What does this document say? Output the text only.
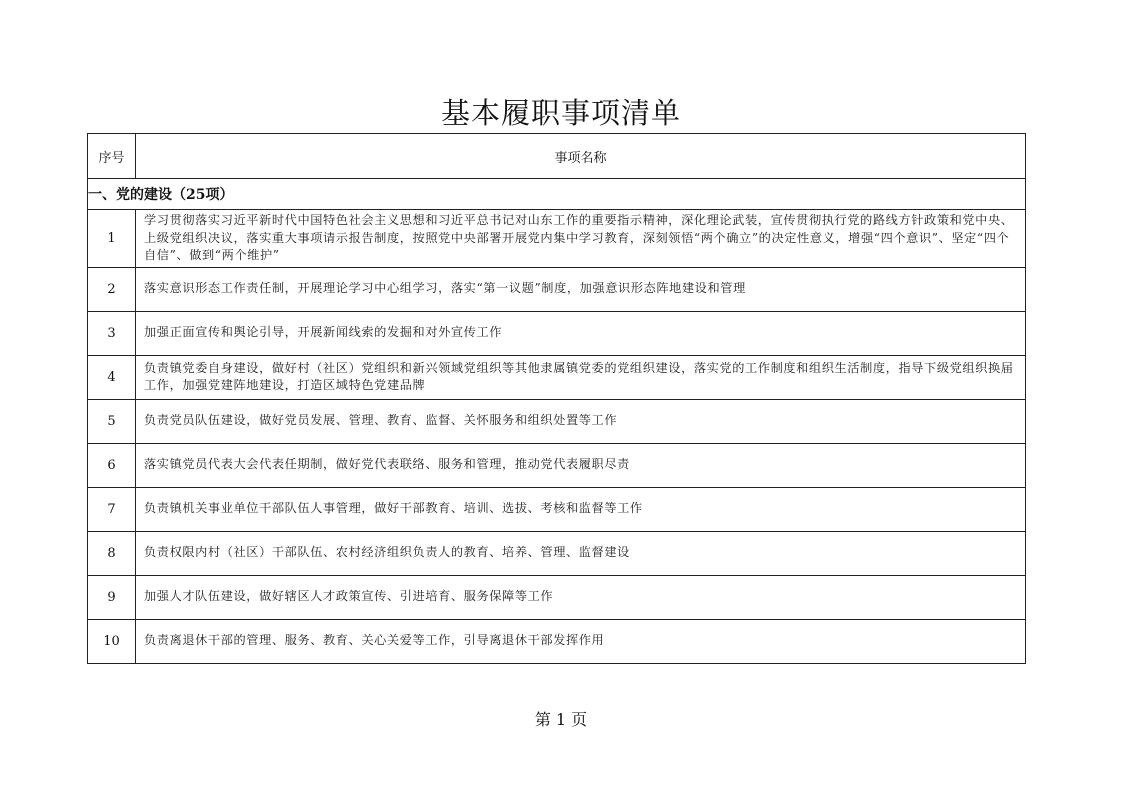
基本履职事项清单
序号	事项名称
一、党的建设（25项）	
1	学习贯彻落实习近平新时代中国特色社会主义思想和习近平总书记对山东工作的重要指示精神，深化理论武装，宣传贯彻执行党的路线方针政策和党中央、上级党组织决议，落实重大事项请示报告制度，按照党中央部署开展党内集中学习教育，深刻领悟“两个确立”的决定性意义，增强“四个意识”、坚定“四个自信”、做到“两个维护”
2	落实意识形态工作责任制，开展理论学习中心组学习，落实“第一议题”制度，加强意识形态阵地建设和管理
3	加强正面宣传和舆论引导，开展新闻线索的发掘和对外宣传工作
4	负责镇党委自身建设，做好村（社区）党组织和新兴领域党组织等其他隶属镇党委的党组织建设，落实党的工作制度和组织生活制度，指导下级党组织换届工作，加强党建阵地建设，打造区域特色党建品牌
5	负责党员队伍建设，做好党员发展、管理、教育、监督、关怀服务和组织处置等工作
6	落实镇党员代表大会代表任期制，做好党代表联络、服务和管理，推动党代表履职尽责
7	负责镇机关事业单位干部队伍人事管理，做好干部教育、培训、选拔、考核和监督等工作
8	负责权限内村（社区）干部队伍、农村经济组织负责人的教育、培养、管理、监督建设
9	加强人才队伍建设，做好辖区人才政策宣传、引进培育、服务保障等工作
10	负责离退休干部的管理、服务、教育、关心关爱等工作，引导离退休干部发挥作用
第 1 页
